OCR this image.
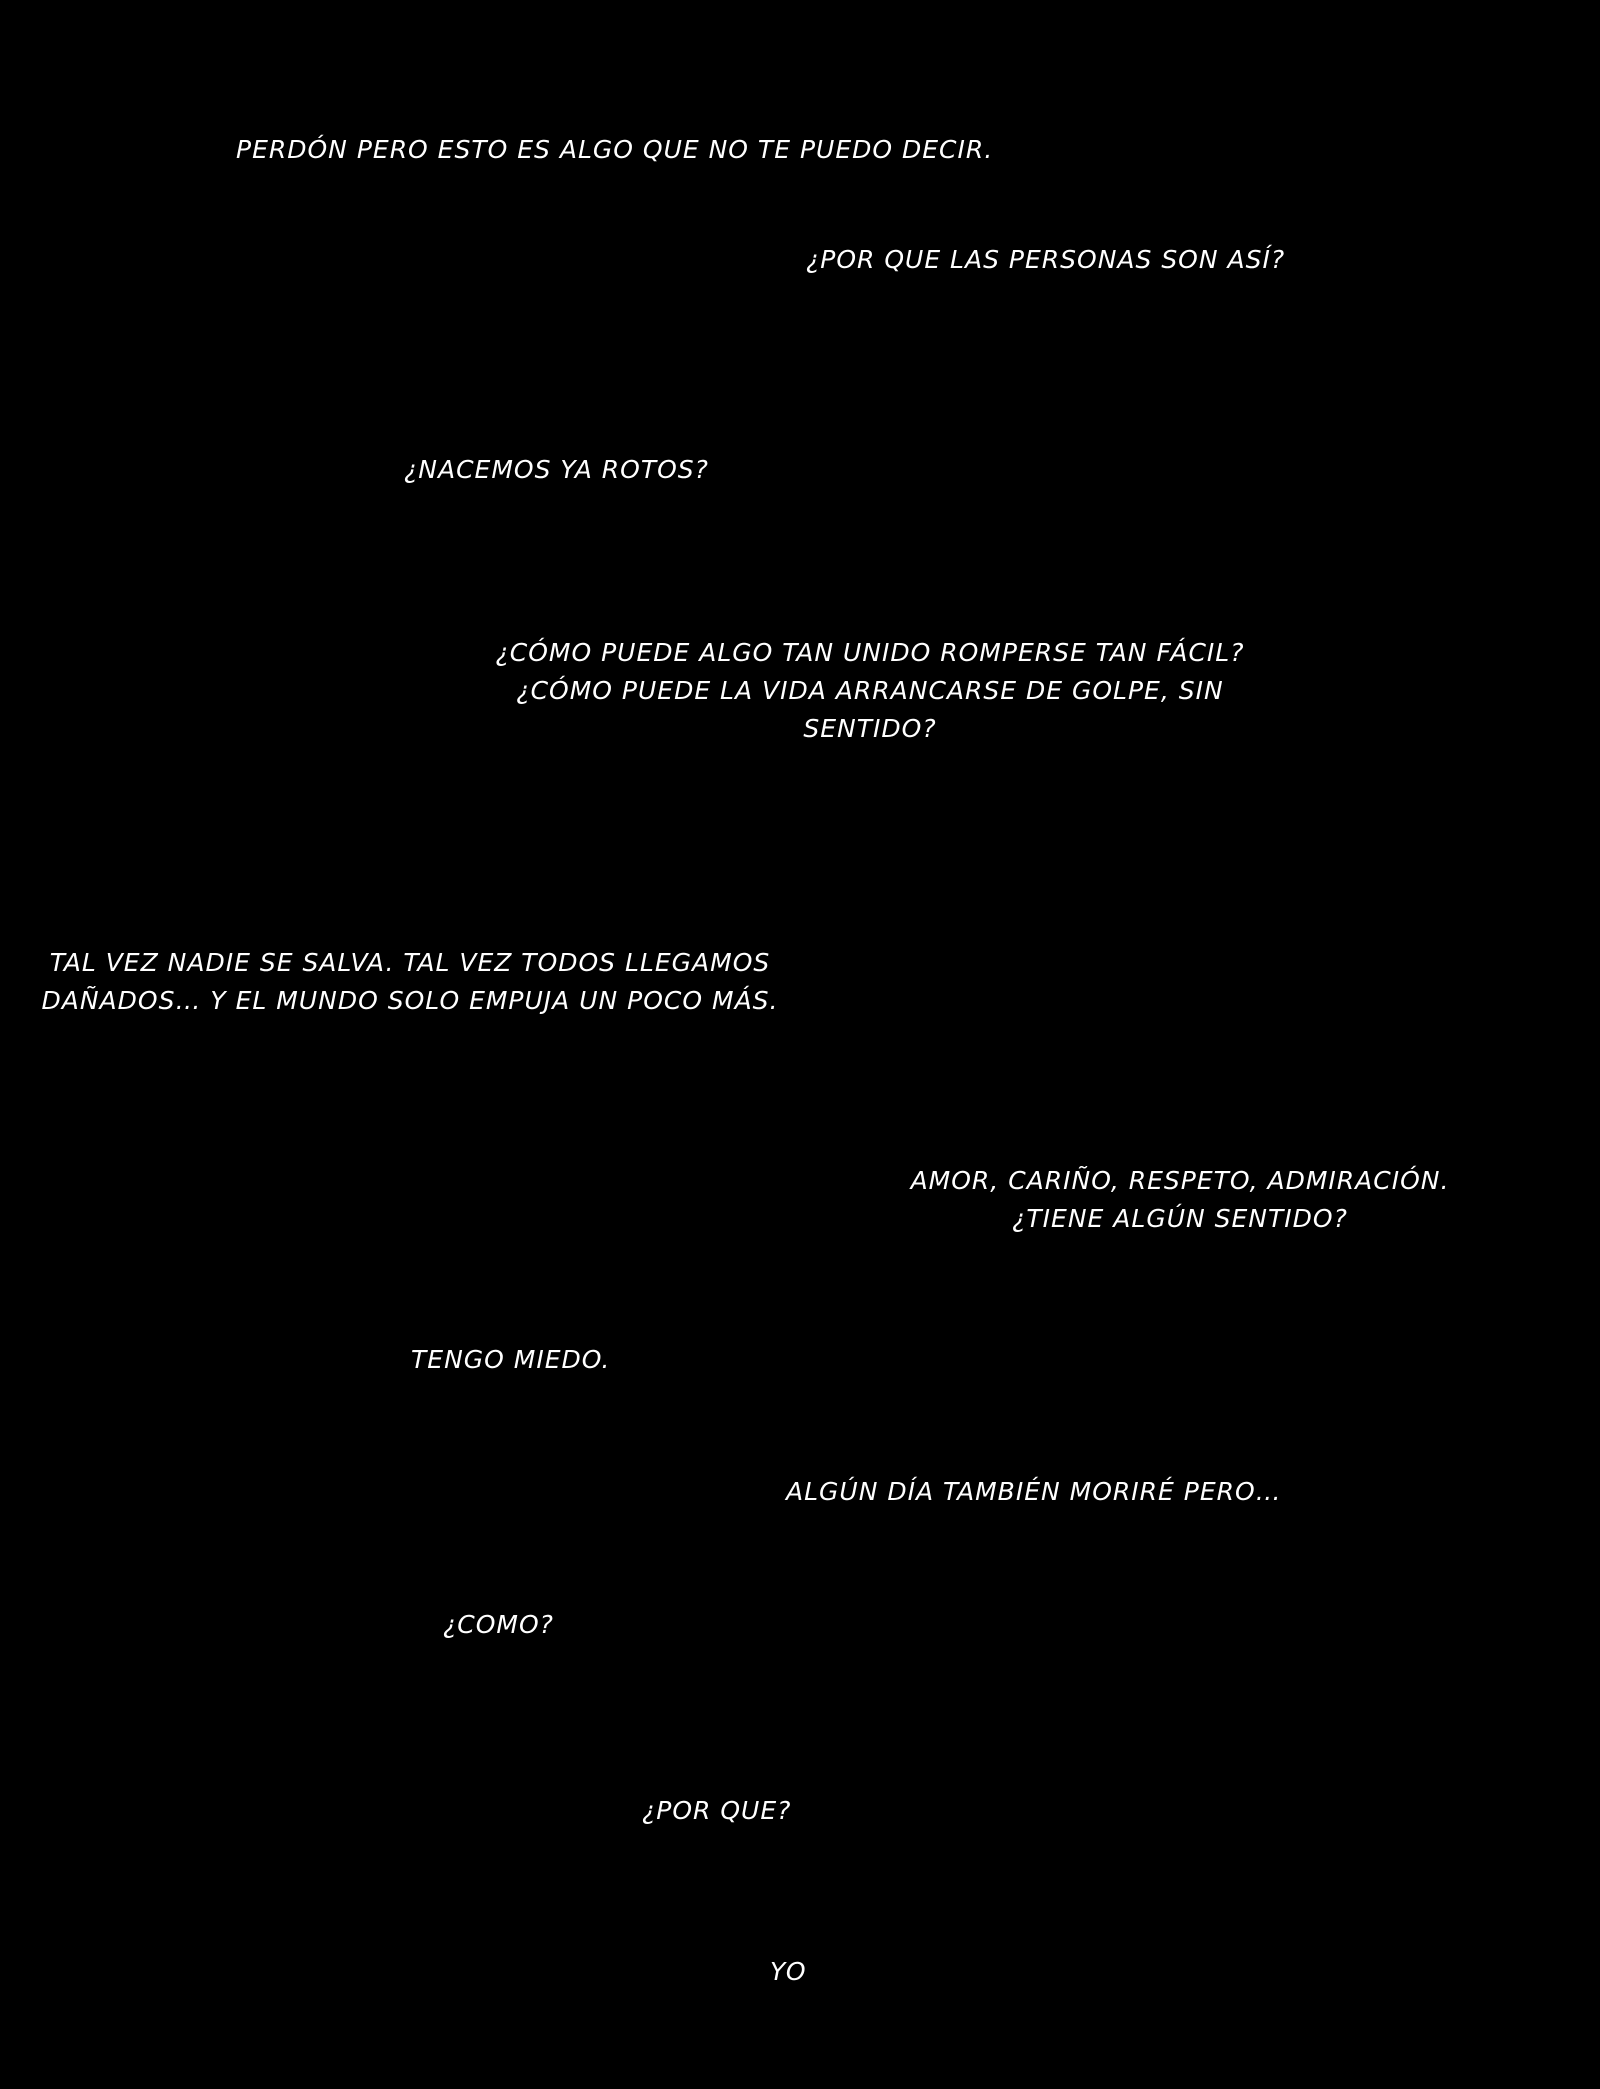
PERDÓN PERO ESTO ES ALGO QUE NO TE PUEDO DECIR.
¿POR QUE LAS PERSONAS SON ASÍ?
¿NACEMOS YA ROTOS?
¿CÓMO PUEDE ALGO TAN UNIDO ROMPERSE TAN FÁCIL?
¿CÓMO PUEDE LA VIDA ARRANCARSE DE GOLPE, SIN
SENTIDO?
TAL VEZ NADIE SE SALVA. TAL VEZ TODOS LLEGAMOS
DAÑADOS… Y EL MUNDO SOLO EMPUJA UN POCO MÁS.
AMOR, CARIÑO, RESPETO, ADMIRACIÓN.
¿TIENE ALGÚN SENTIDO?
TENGO MIEDO.
ALGÚN DÍA TAMBIÉN MORIRÉ PERO…
¿COMO?
¿POR QUE?
YO
